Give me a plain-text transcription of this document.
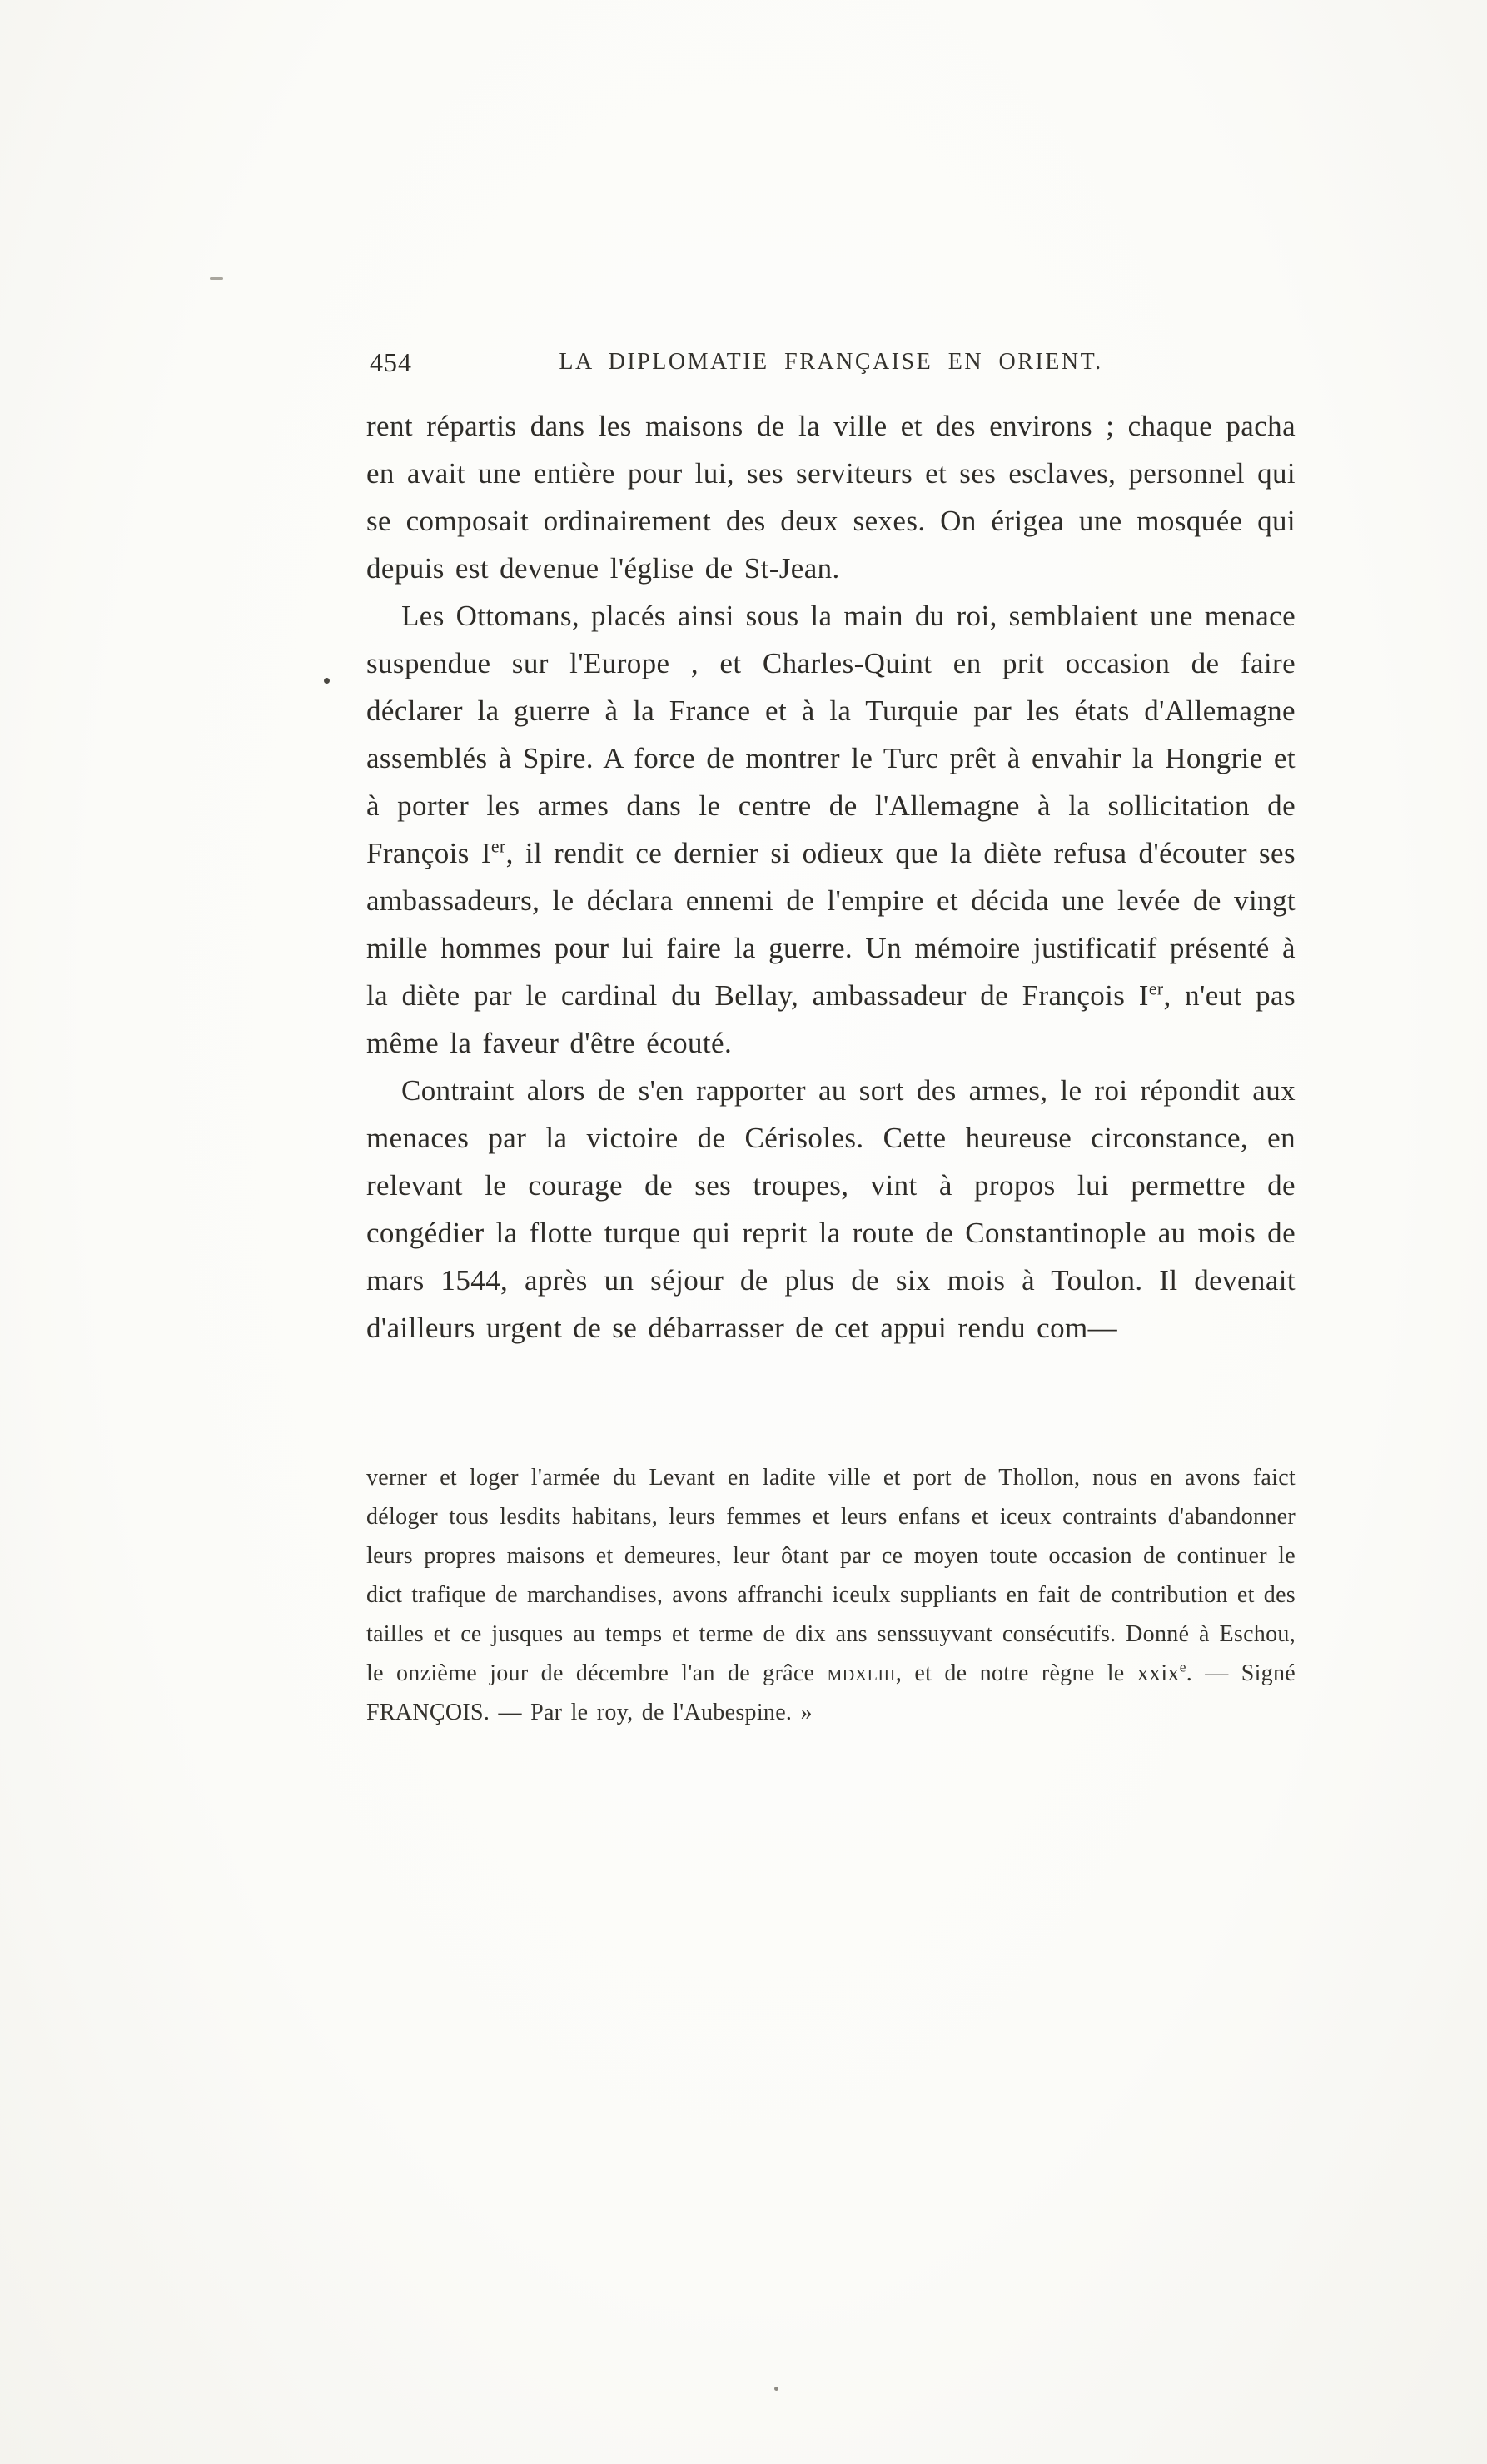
454	LA DIPLOMATIE FRANÇAISE EN ORIENT.

rent répartis dans les maisons de la ville et des environs ; chaque pacha en avait une entière pour lui, ses serviteurs et ses esclaves, personnel qui se composait ordinairement des deux sexes. On érigea une mosquée qui depuis est devenue l'église de St-Jean.

Les Ottomans, placés ainsi sous la main du roi, semblaient une menace suspendue sur l'Europe , et Charles-Quint en prit occasion de faire déclarer la guerre à la France et à la Turquie par les états d'Allemagne assemblés à Spire. A force de montrer le Turc prêt à envahir la Hongrie et à porter les armes dans le centre de l'Allemagne à la sollicitation de François Ier, il rendit ce dernier si odieux que la diète refusa d'écouter ses ambassadeurs, le déclara ennemi de l'empire et décida une levée de vingt mille hommes pour lui faire la guerre. Un mémoire justificatif présenté à la diète par le cardinal du Bellay, ambassadeur de François Ier, n'eut pas même la faveur d'être écouté.

Contraint alors de s'en rapporter au sort des armes, le roi répondit aux menaces par la victoire de Cérisoles. Cette heureuse circonstance, en relevant le courage de ses troupes, vint à propos lui permettre de congédier la flotte turque qui reprit la route de Constantinople au mois de mars 1544, après un séjour de plus de six mois à Toulon. Il devenait d'ailleurs urgent de se débarrasser de cet appui rendu com—

verner et loger l'armée du Levant en ladite ville et port de Thollon, nous en avons faict déloger tous lesdits habitans, leurs femmes et leurs enfans et iceux contraints d'abandonner leurs propres maisons et demeures, leur ôtant par ce moyen toute occasion de continuer le dict trafique de marchandises, avons affranchi iceulx suppliants en fait de contribution et des tailles et ce jusques au temps et terme de dix ans senssuyvant consécutifs. Donné à Eschou, le onzième jour de décembre l'an de grâce mdxliii, et de notre règne le xxix$^e$. — Signé FRANÇOIS. — Par le roy, de l'Aubespine. »
